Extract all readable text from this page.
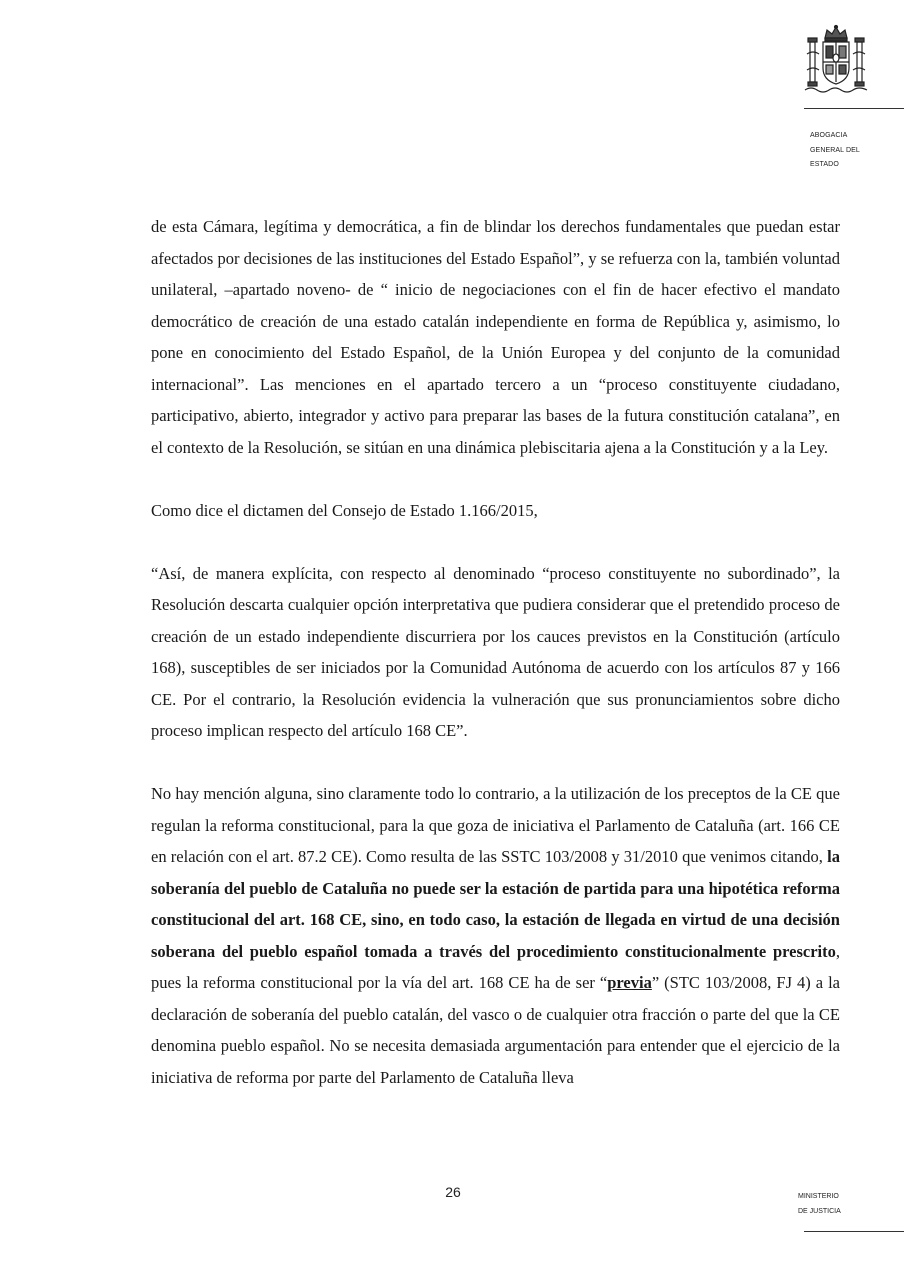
ABOGACIA
GENERAL DEL
ESTADO

de esta Cámara, legítima y democrática, a fin de blindar los derechos fundamentales que puedan estar afectados por decisiones de las instituciones del Estado Español”, y se refuerza con la, también voluntad unilateral, –apartado noveno- de “ inicio de negociaciones con el fin de hacer efectivo el mandato democrático de creación de una estado catalán independiente en forma de República y, asimismo, lo pone en conocimiento del Estado Español, de la Unión Europea y del conjunto de la comunidad internacional”. Las menciones en el apartado tercero a un “proceso constituyente ciudadano, participativo, abierto, integrador y activo para preparar las bases de la futura constitución catalana”, en el contexto de la Resolución, se sitúan en una dinámica plebiscitaria ajena a la Constitución y a la Ley.

Como dice el dictamen del Consejo de Estado 1.166/2015,

“Así, de manera explícita, con respecto al denominado “proceso constituyente no subordinado”, la Resolución descarta cualquier opción interpretativa que pudiera considerar que el pretendido proceso de creación de un estado independiente discurriera por los cauces previstos en la Constitución (artículo 168), susceptibles de ser iniciados por la Comunidad Autónoma de acuerdo con los artículos 87 y 166 CE. Por el contrario, la Resolución evidencia la vulneración que sus pronunciamientos sobre dicho proceso implican respecto del artículo 168 CE”.

No hay mención alguna, sino claramente todo lo contrario, a la utilización de los preceptos de la CE que regulan la reforma constitucional, para la que goza de iniciativa el Parlamento de Cataluña (art. 166 CE en relación con el art. 87.2 CE). Como resulta de las SSTC 103/2008 y 31/2010 que venimos citando, la soberanía del pueblo de Cataluña no puede ser la estación de partida para una hipotética reforma constitucional del art. 168 CE, sino, en todo caso, la estación de llegada en virtud de una decisión soberana del pueblo español tomada a través del procedimiento constitucionalmente prescrito, pues la reforma constitucional por la vía del art. 168 CE ha de ser “previa” (STC 103/2008, FJ 4) a la declaración de soberanía del pueblo catalán, del vasco o de cualquier otra fracción o parte del que la CE denomina pueblo español. No se necesita demasiada argumentación para entender que el ejercicio de la iniciativa de reforma por parte del Parlamento de Cataluña lleva

26	MINISTERIO
DE JUSTICIA
